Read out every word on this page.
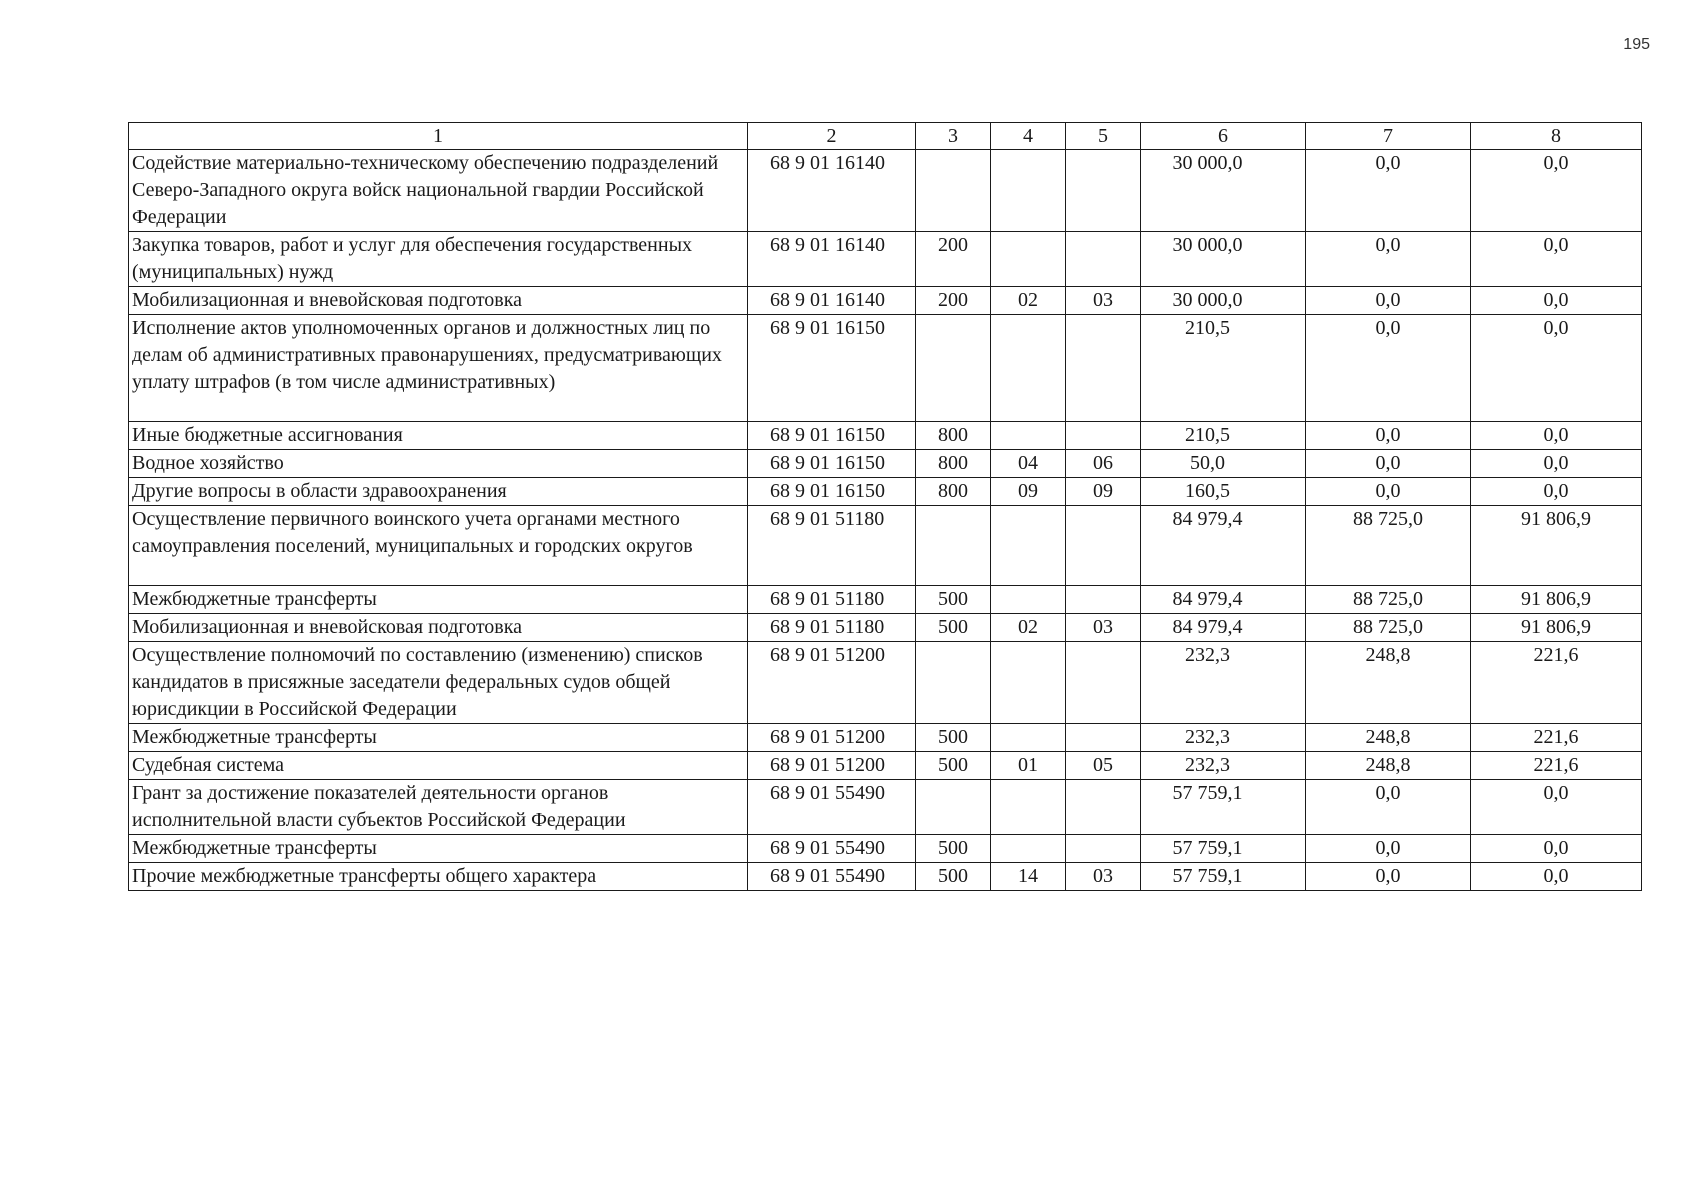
195
1	2	3	4	5	6	7	8
Содействие материально-техническому обеспечению подразделений Северо-Западного округа войск национальной гвардии Российской Федерации	68 9 01 16140				30 000,0	0,0	0,0
Закупка товаров, работ и услуг для обеспечения государственных (муниципальных) нужд	68 9 01 16140	200			30 000,0	0,0	0,0
Мобилизационная и вневойсковая подготовка	68 9 01 16140	200	02	03	30 000,0	0,0	0,0
Исполнение актов уполномоченных органов и должностных лиц по делам об административных правонарушениях, предусматривающих уплату штрафов (в том числе административных)	68 9 01 16150				210,5	0,0	0,0
Иные бюджетные ассигнования	68 9 01 16150	800			210,5	0,0	0,0
Водное хозяйство	68 9 01 16150	800	04	06	50,0	0,0	0,0
Другие вопросы в области здравоохранения	68 9 01 16150	800	09	09	160,5	0,0	0,0
Осуществление первичного воинского учета органами местного самоуправления поселений, муниципальных и городских округов	68 9 01 51180				84 979,4	88 725,0	91 806,9
Межбюджетные трансферты	68 9 01 51180	500			84 979,4	88 725,0	91 806,9
Мобилизационная и вневойсковая подготовка	68 9 01 51180	500	02	03	84 979,4	88 725,0	91 806,9
Осуществление полномочий по составлению (изменению) списков кандидатов в присяжные заседатели федеральных судов общей юрисдикции в Российской Федерации	68 9 01 51200				232,3	248,8	221,6
Межбюджетные трансферты	68 9 01 51200	500			232,3	248,8	221,6
Судебная система	68 9 01 51200	500	01	05	232,3	248,8	221,6
Грант за достижение показателей деятельности органов исполнительной власти субъектов Российской Федерации	68 9 01 55490				57 759,1	0,0	0,0
Межбюджетные трансферты	68 9 01 55490	500			57 759,1	0,0	0,0
Прочие межбюджетные трансферты общего характера	68 9 01 55490	500	14	03	57 759,1	0,0	0,0
